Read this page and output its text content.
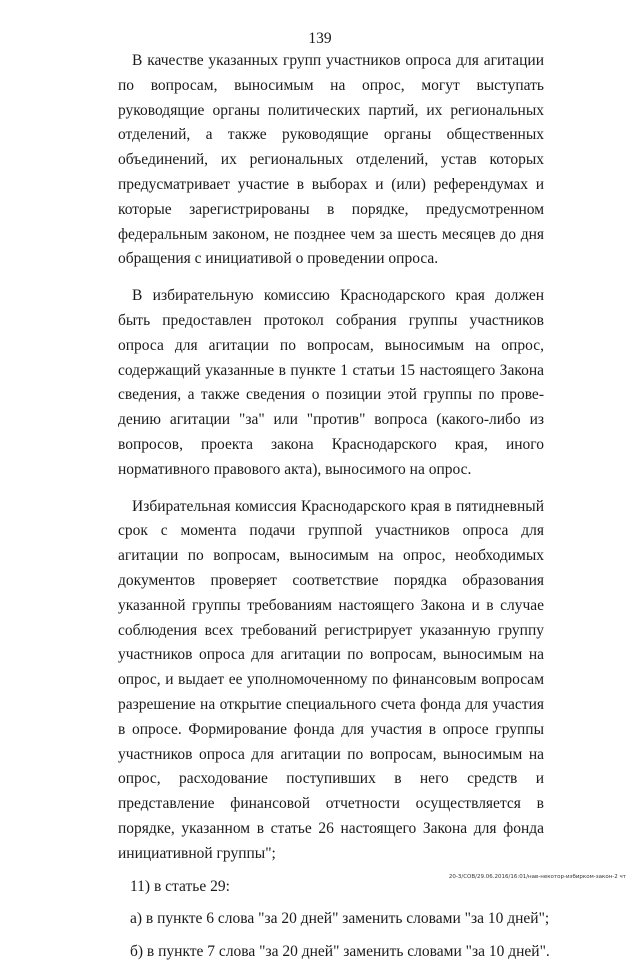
139

В качестве указанных групп участников опроса для агитации по вопросам, выносимым на опрос, могут выступать руководящие органы политических партий, их региональных отделений, а также руководящие органы общественных объединений, их региональных отделений, устав которых предусматривает участие в выборах и (или) референдумах и которые зарегистрированы в порядке, предусмотренном федеральным законом, не позднее чем за шесть месяцев до дня обращения с инициативой о проведении опроса.

В избирательную комиссию Краснодарского края должен быть предоставлен протокол собрания группы участников опроса для агитации по вопросам, выносимым на опрос, содержащий указанные в пункте 1 статьи 15 настоящего Закона сведения, а также сведения о позиции этой группы по проведению агитации "за" или "против" вопроса (какого-либо из вопросов, проекта закона Краснодарского края, иного нормативного правового акта), выносимого на опрос.

Избирательная комиссия Краснодарского края в пятидневный срок с момента подачи группой участников опроса для агитации по вопросам, выносимым на опрос, необходимых документов проверяет соответствие порядка образования указанной группы требованиям настоящего Закона и в случае соблюдения всех требований регистрирует указанную группу участников опроса для агитации по вопросам, выносимым на опрос, и выдает ее уполномоченному по финансовым вопросам разрешение на открытие специального счета фонда для участия в опросе. Формирование фонда для участия в опросе группы участников опроса для агитации по вопросам, выносимым на опрос, расходование поступивших в него средств и представление финансовой отчетности осуществляется в порядке, указанном в статье 26 настоящего Закона для фонда инициативной группы";

11) в статье 29:

а) в пункте 6 слова "за 20 дней" заменить словами "за 10 дней";

б) в пункте 7 слова "за 20 дней" заменить словами "за 10 дней".

20-3/СОВ/29.06.2016/16:01/нав-некотор-избирком-закон-2 чт
